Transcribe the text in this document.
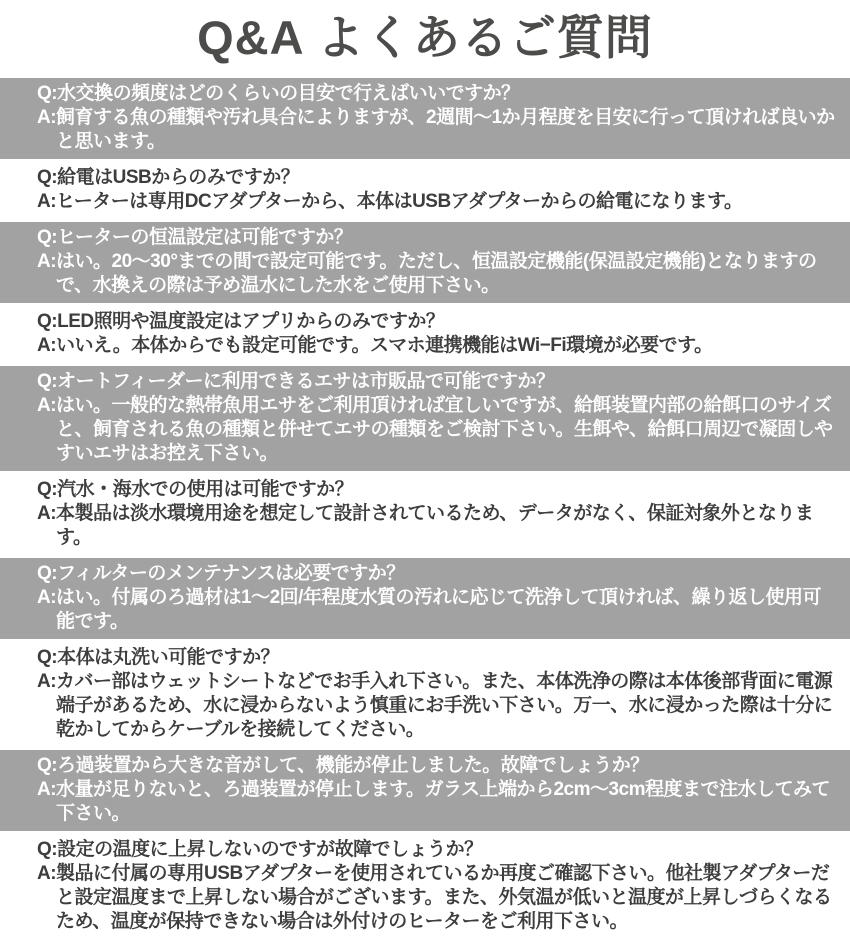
Q&A よくあるご質問

Q:水交換の頻度はどのくらいの目安で行えばいいですか？

A:飼育する魚の種類や汚れ具合によりますが、2週間〜1か月程度を目安に行って頂ければ良いかと思います。

Q:給電はUSBからのみですか？

A:ヒーターは専用DCアダプターから、本体はUSBアダプターからの給電になります。

Q:ヒーターの恒温設定は可能ですか？

A:はい。20〜30°までの間で設定可能です。ただし、恒温設定機能(保温設定機能)となりますので、水換えの際は予め温水にした水をご使用下さい。

Q:LED照明や温度設定はアプリからのみですか？

A:いいえ。本体からでも設定可能です。スマホ連携機能はWi−Fi環境が必要です。

Q:オートフィーダーに利用できるエサは市販品で可能ですか？

A:はい。一般的な熱帯魚用エサをご利用頂ければ宜しいですが、給餌装置内部の給餌口のサイズと、飼育される魚の種類と併せてエサの種類をご検討下さい。生餌や、給餌口周辺で凝固しやすいエサはお控え下さい。

Q:汽水・海水での使用は可能ですか？

A:本製品は淡水環境用途を想定して設計されているため、データがなく、保証対象外となります。

Q:フィルターのメンテナンスは必要ですか？

A:はい。付属のろ過材は1〜2回/年程度水質の汚れに応じて洗浄して頂ければ、繰り返し使用可能です。

Q:本体は丸洗い可能ですか？

A:カバー部はウェットシートなどでお手入れ下さい。また、本体洗浄の際は本体後部背面に電源端子があるため、水に浸からないよう慎重にお手洗い下さい。万一、水に浸かった際は十分に乾かしてからケーブルを接続してください。

Q:ろ過装置から大きな音がして、機能が停止しました。故障でしょうか？

A:水量が足りないと、ろ過装置が停止します。ガラス上端から2cm〜3cm程度まで注水してみて下さい。

Q:設定の温度に上昇しないのですが故障でしょうか？

A:製品に付属の専用USBアダプターを使用されているか再度ご確認下さい。他社製アダプターだと設定温度まで上昇しない場合がございます。また、外気温が低いと温度が上昇しづらくなるため、温度が保持できない場合は外付けのヒーターをご利用下さい。
